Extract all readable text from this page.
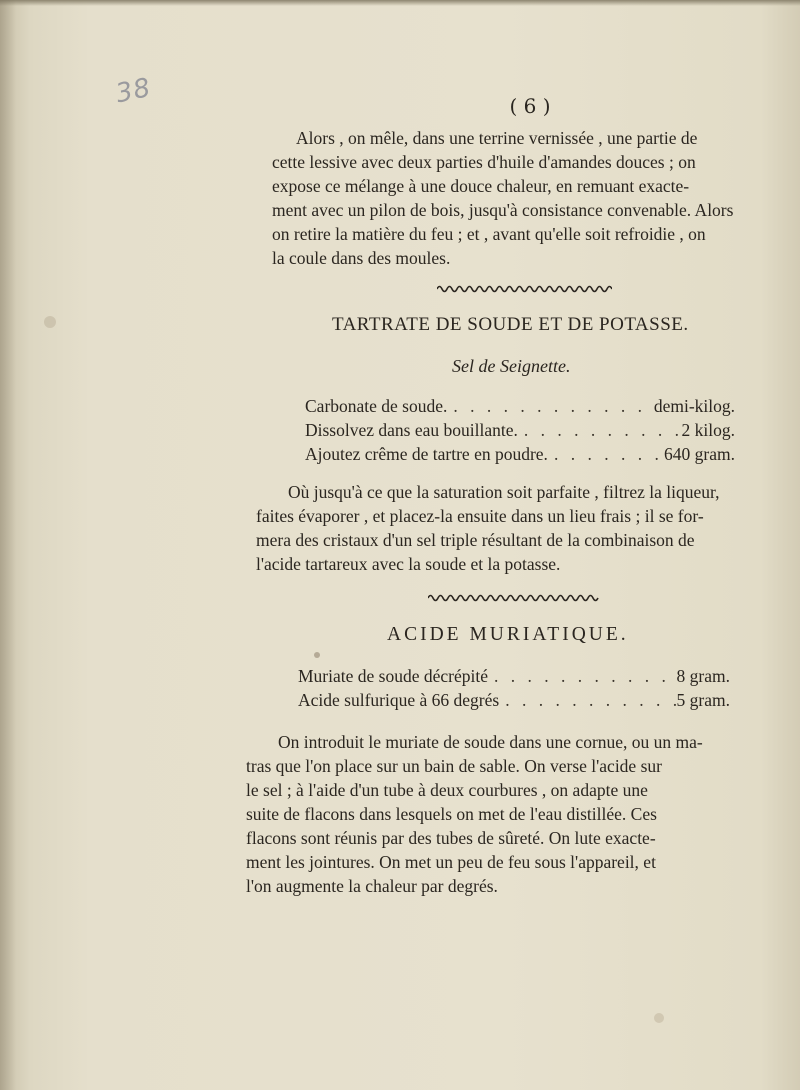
38	( 6 )
Alors , on mêle, dans une terrine vernissée , une partie de
cette lessive avec deux parties d'huile d'amandes douces ; on
expose ce mélange à une douce chaleur, en remuant exacte-
ment avec un pilon de bois, jusqu'à consistance convenable. Alors
on retire la matière du feu ; et , avant qu'elle soit refroidie , on
la coule dans des moules.
TARTRATE DE SOUDE ET DE POTASSE.
Sel de Seignette.
Carbonate de soude. . . .	demi-kilog.
Dissolvez dans eau bouillante. . . .	2 kilog.
Ajoutez crême de tartre en poudre. . . .	640 gram.
Où jusqu'à ce que la saturation soit parfaite , filtrez la liqueur,
faites évaporer , et placez-la ensuite dans un lieu frais ; il se for-
mera des cristaux d'un sel triple résultant de la combinaison de
l'acide tartareux avec la soude et la potasse.
ACIDE MURIATIQUE.
Muriate de soude décrépité . . .	8 gram.
Acide sulfurique à 66 degrés . . .	5 gram.
On introduit le muriate de soude dans une cornue, ou un ma-
tras que l'on place sur un bain de sable. On verse l'acide sur
le sel ; à l'aide d'un tube à deux courbures , on adapte une
suite de flacons dans lesquels on met de l'eau distillée. Ces
flacons sont réunis par des tubes de sûreté. On lute exacte-
ment les jointures. On met un peu de feu sous l'appareil, et
l'on augmente la chaleur par degrés.
